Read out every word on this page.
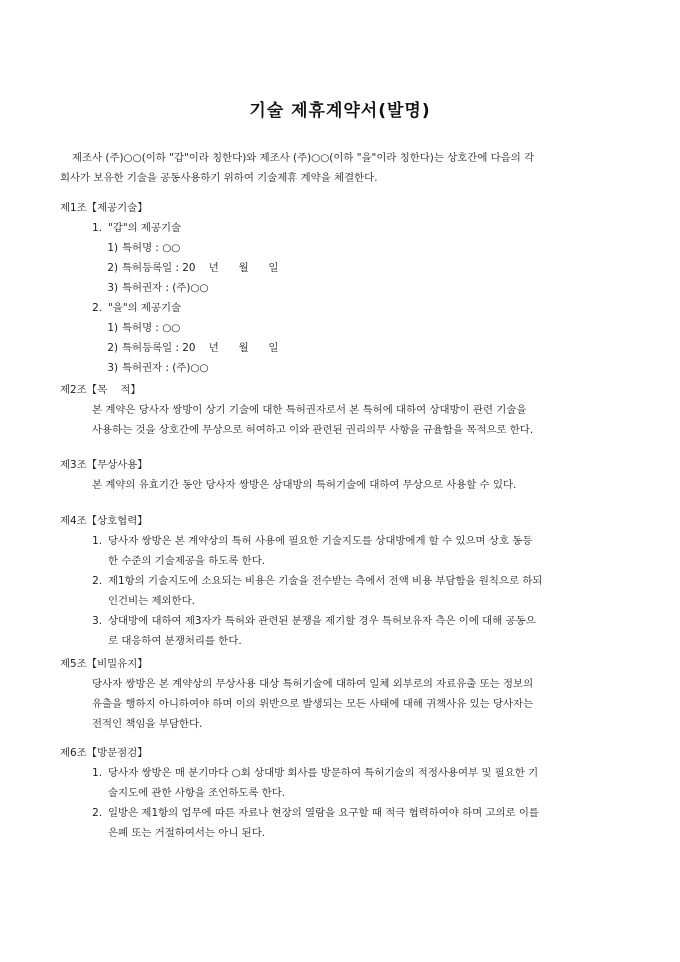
기술 제휴계약서(발명)
제조사 (주)○○(이하 "갑"이라 칭한다)와 제조사 (주)○○(이하 "을"이라 칭한다)는 상호간에 다음의 각
회사가 보유한 기술을 공동사용하기 위하여 기술제휴 계약을 체결한다.
제1조【제공기술】
1. "갑"의 제공기술
1) 특허명 : ○○
2) 특허등록일 : 20    년      월      일
3) 특허권자 : (주)○○
2. "을"의 제공기술
1) 특허명 : ○○
2) 특허등록일 : 20    년      월      일
3) 특허권자 : (주)○○
제2조【목    적】
본 계약은 당사자 쌍방이 상기 기술에 대한 특허권자로서 본 특허에 대하여 상대방이 관련 기술을
사용하는 것을 상호간에 무상으로 허여하고 이와 관련된 권리의무 사항을 규율함을 목적으로 한다.
제3조【무상사용】
본 계약의 유효기간 동안 당사자 쌍방은 상대방의 특허기술에 대하여 무상으로 사용할 수 있다.
제4조【상호협력】
1. 당사자 쌍방은 본 계약상의 특허 사용에 필요한 기술지도를 상대방에게 할 수 있으며 상호 동등
한 수준의 기술제공을 하도록 한다.
2. 제1항의 기술지도에 소요되는 비용은 기술을 전수받는 측에서 전액 비용 부담함을 원칙으로 하되
인건비는 제외한다.
3. 상대방에 대하여 제3자가 특허와 관련된 분쟁을 제기할 경우 특허보유자 측은 이에 대해 공동으
로 대응하여 분쟁처리를 한다.
제5조【비밀유지】
당사자 쌍방은 본 계약상의 무상사용 대상 특허기술에 대하여 일체 외부로의 자료유출 또는 정보의
유출을 행하지 아니하여야 하며 이의 위반으로 발생되는 모든 사태에 대해 귀책사유 있는 당사자는
전적인 책임을 부담한다.
제6조【방문점검】
1. 당사자 쌍방은 매 분기마다 ○회 상대방 회사를 방문하여 특허기술의 적정사용여부 및 필요한 기
술지도에 관한 사항을 조언하도록 한다.
2. 일방은 제1항의 업무에 따른 자료나 현장의 열람을 요구할 때 적극 협력하여야 하며 고의로 이를
은폐 또는 거절하여서는 아니 된다.
